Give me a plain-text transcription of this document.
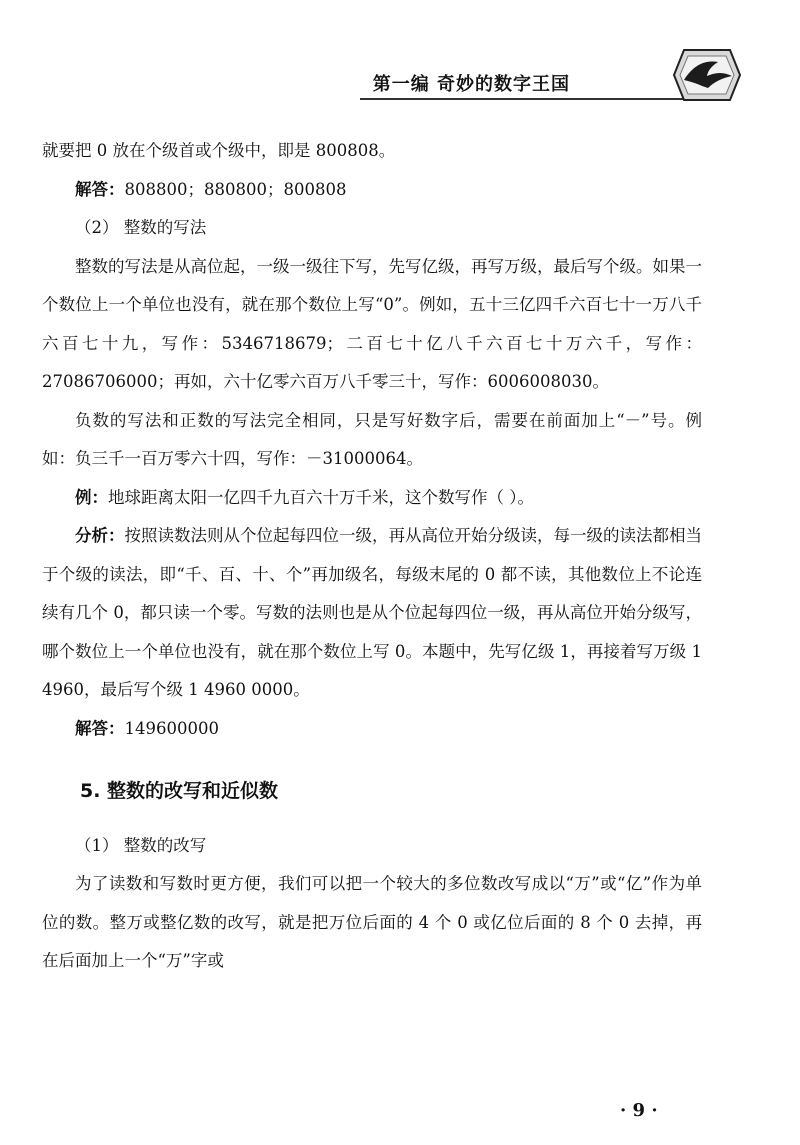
第一编 奇妙的数字王国

就要把 0 放在个级首或个级中，即是 800808。

解答：808800；880800；800808

（2） 整数的写法

整数的写法是从高位起，一级一级往下写，先写亿级，再写万级，最后写个级。如果一个数位上一个单位也没有，就在那个数位上写“0”。例如，五十三亿四千六百七十一万八千六百七十九，写作：5346718679；二百七十亿八千六百七十万六千，写作：27086706000；再如，六十亿零六百万八千零三十，写作：6006008030。

负数的写法和正数的写法完全相同，只是写好数字后，需要在前面加上“－”号。例如：负三千一百万零六十四，写作：－31000064。

例：地球距离太阳一亿四千九百六十万千米，这个数写作（ ）。

分析：按照读数法则从个位起每四位一级，再从高位开始分级读，每一级的读法都相当于个级的读法，即“千、百、十、个”再加级名，每级末尾的 0 都不读，其他数位上不论连续有几个 0，都只读一个零。写数的法则也是从个位起每四位一级，再从高位开始分级写，哪个数位上一个单位也没有，就在那个数位上写 0。本题中，先写亿级 1，再接着写万级 1 4960，最后写个级 1 4960 0000。

解答：149600000

5. 整数的改写和近似数

（1） 整数的改写

为了读数和写数时更方便，我们可以把一个较大的多位数改写成以“万”或“亿”作为单位的数。整万或整亿数的改写，就是把万位后面的 4 个 0 或亿位后面的 8 个 0 去掉，再在后面加上一个“万”字或

· 9 ·
